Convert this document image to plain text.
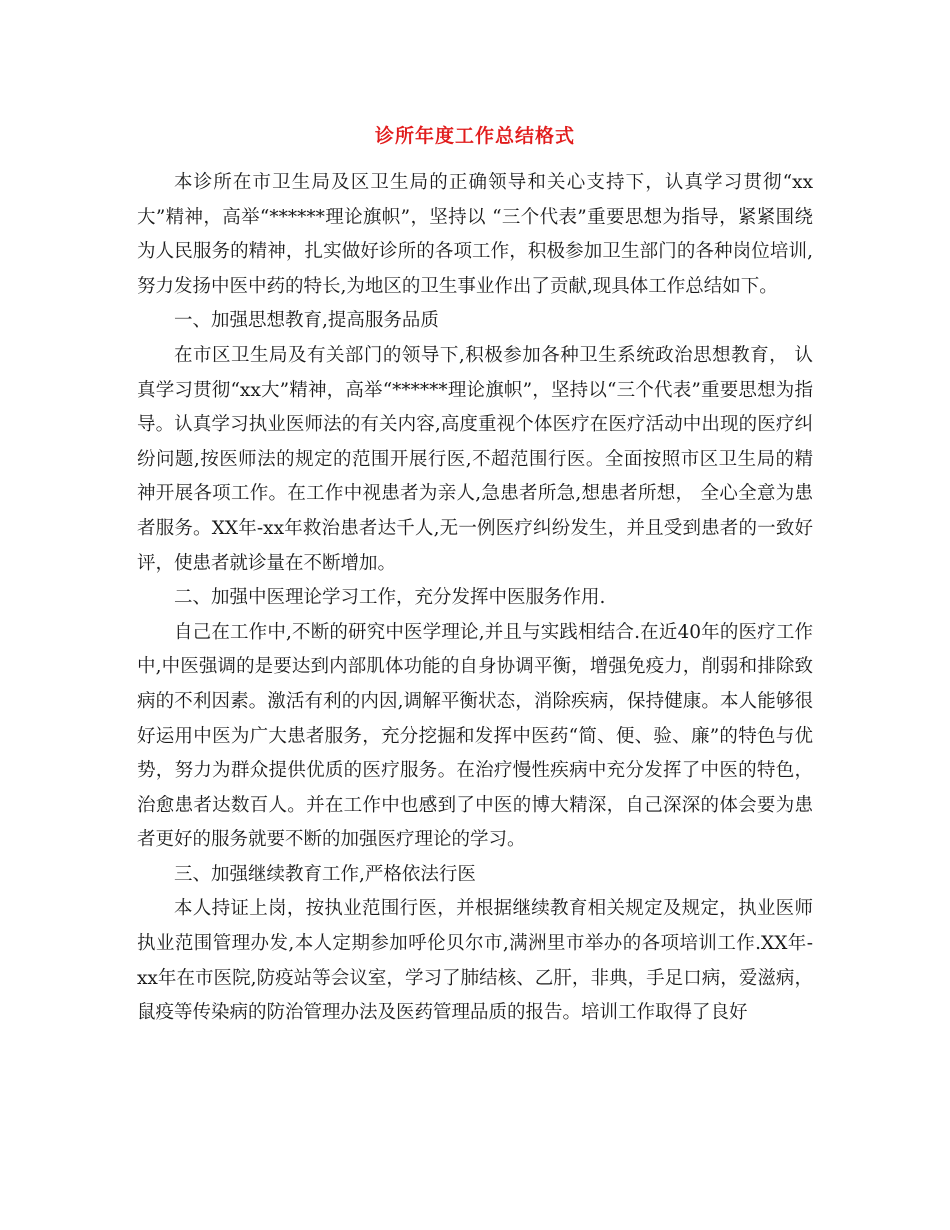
诊所年度工作总结格式

本诊所在市卫生局及区卫生局的正确领导和关心支持下，认真学习贯彻“xx大”精神，高举“******理论旗帜”，坚持以 “三个代表”重要思想为指导，紧紧围绕为人民服务的精神，扎实做好诊所的各项工作，积极参加卫生部门的各种岗位培训,努力发扬中医中药的特长,为地区的卫生事业作出了贡献,现具体工作总结如下。

一、加强思想教育,提高服务品质

在市区卫生局及有关部门的领导下,积极参加各种卫生系统政治思想教育， 认真学习贯彻“xx大”精神，高举“******理论旗帜”，坚持以“三个代表”重要思想为指导。认真学习执业医师法的有关内容,高度重视个体医疗在医疗活动中出现的医疗纠纷问题,按医师法的规定的范围开展行医,不超范围行医。全面按照市区卫生局的精神开展各项工作。在工作中视患者为亲人,急患者所急,想患者所想， 全心全意为患者服务。XX年-xx年救治患者达千人,无一例医疗纠纷发生，并且受到患者的一致好评，使患者就诊量在不断增加。

二、加强中医理论学习工作，充分发挥中医服务作用.

自己在工作中,不断的研究中医学理论,并且与实践相结合.在近40年的医疗工作中,中医强调的是要达到内部肌体功能的自身协调平衡，增强免疫力，削弱和排除致病的不利因素。激活有利的内因,调解平衡状态，消除疾病，保持健康。本人能够很好运用中医为广大患者服务，充分挖掘和发挥中医药“简、便、验、廉”的特色与优势，努力为群众提供优质的医疗服务。在治疗慢性疾病中充分发挥了中医的特色，治愈患者达数百人。并在工作中也感到了中医的博大精深，自己深深的体会要为患者更好的服务就要不断的加强医疗理论的学习。

三、加强继续教育工作,严格依法行医

本人持证上岗，按执业范围行医，并根据继续教育相关规定及规定，执业医师执业范围管理办发,本人定期参加呼伦贝尔市,满洲里市举办的各项培训工作.XX年-xx年在市医院,防疫站等会议室，学习了肺结核、乙肝，非典，手足口病，爱滋病，鼠疫等传染病的防治管理办法及医药管理品质的报告。培训工作取得了良好
